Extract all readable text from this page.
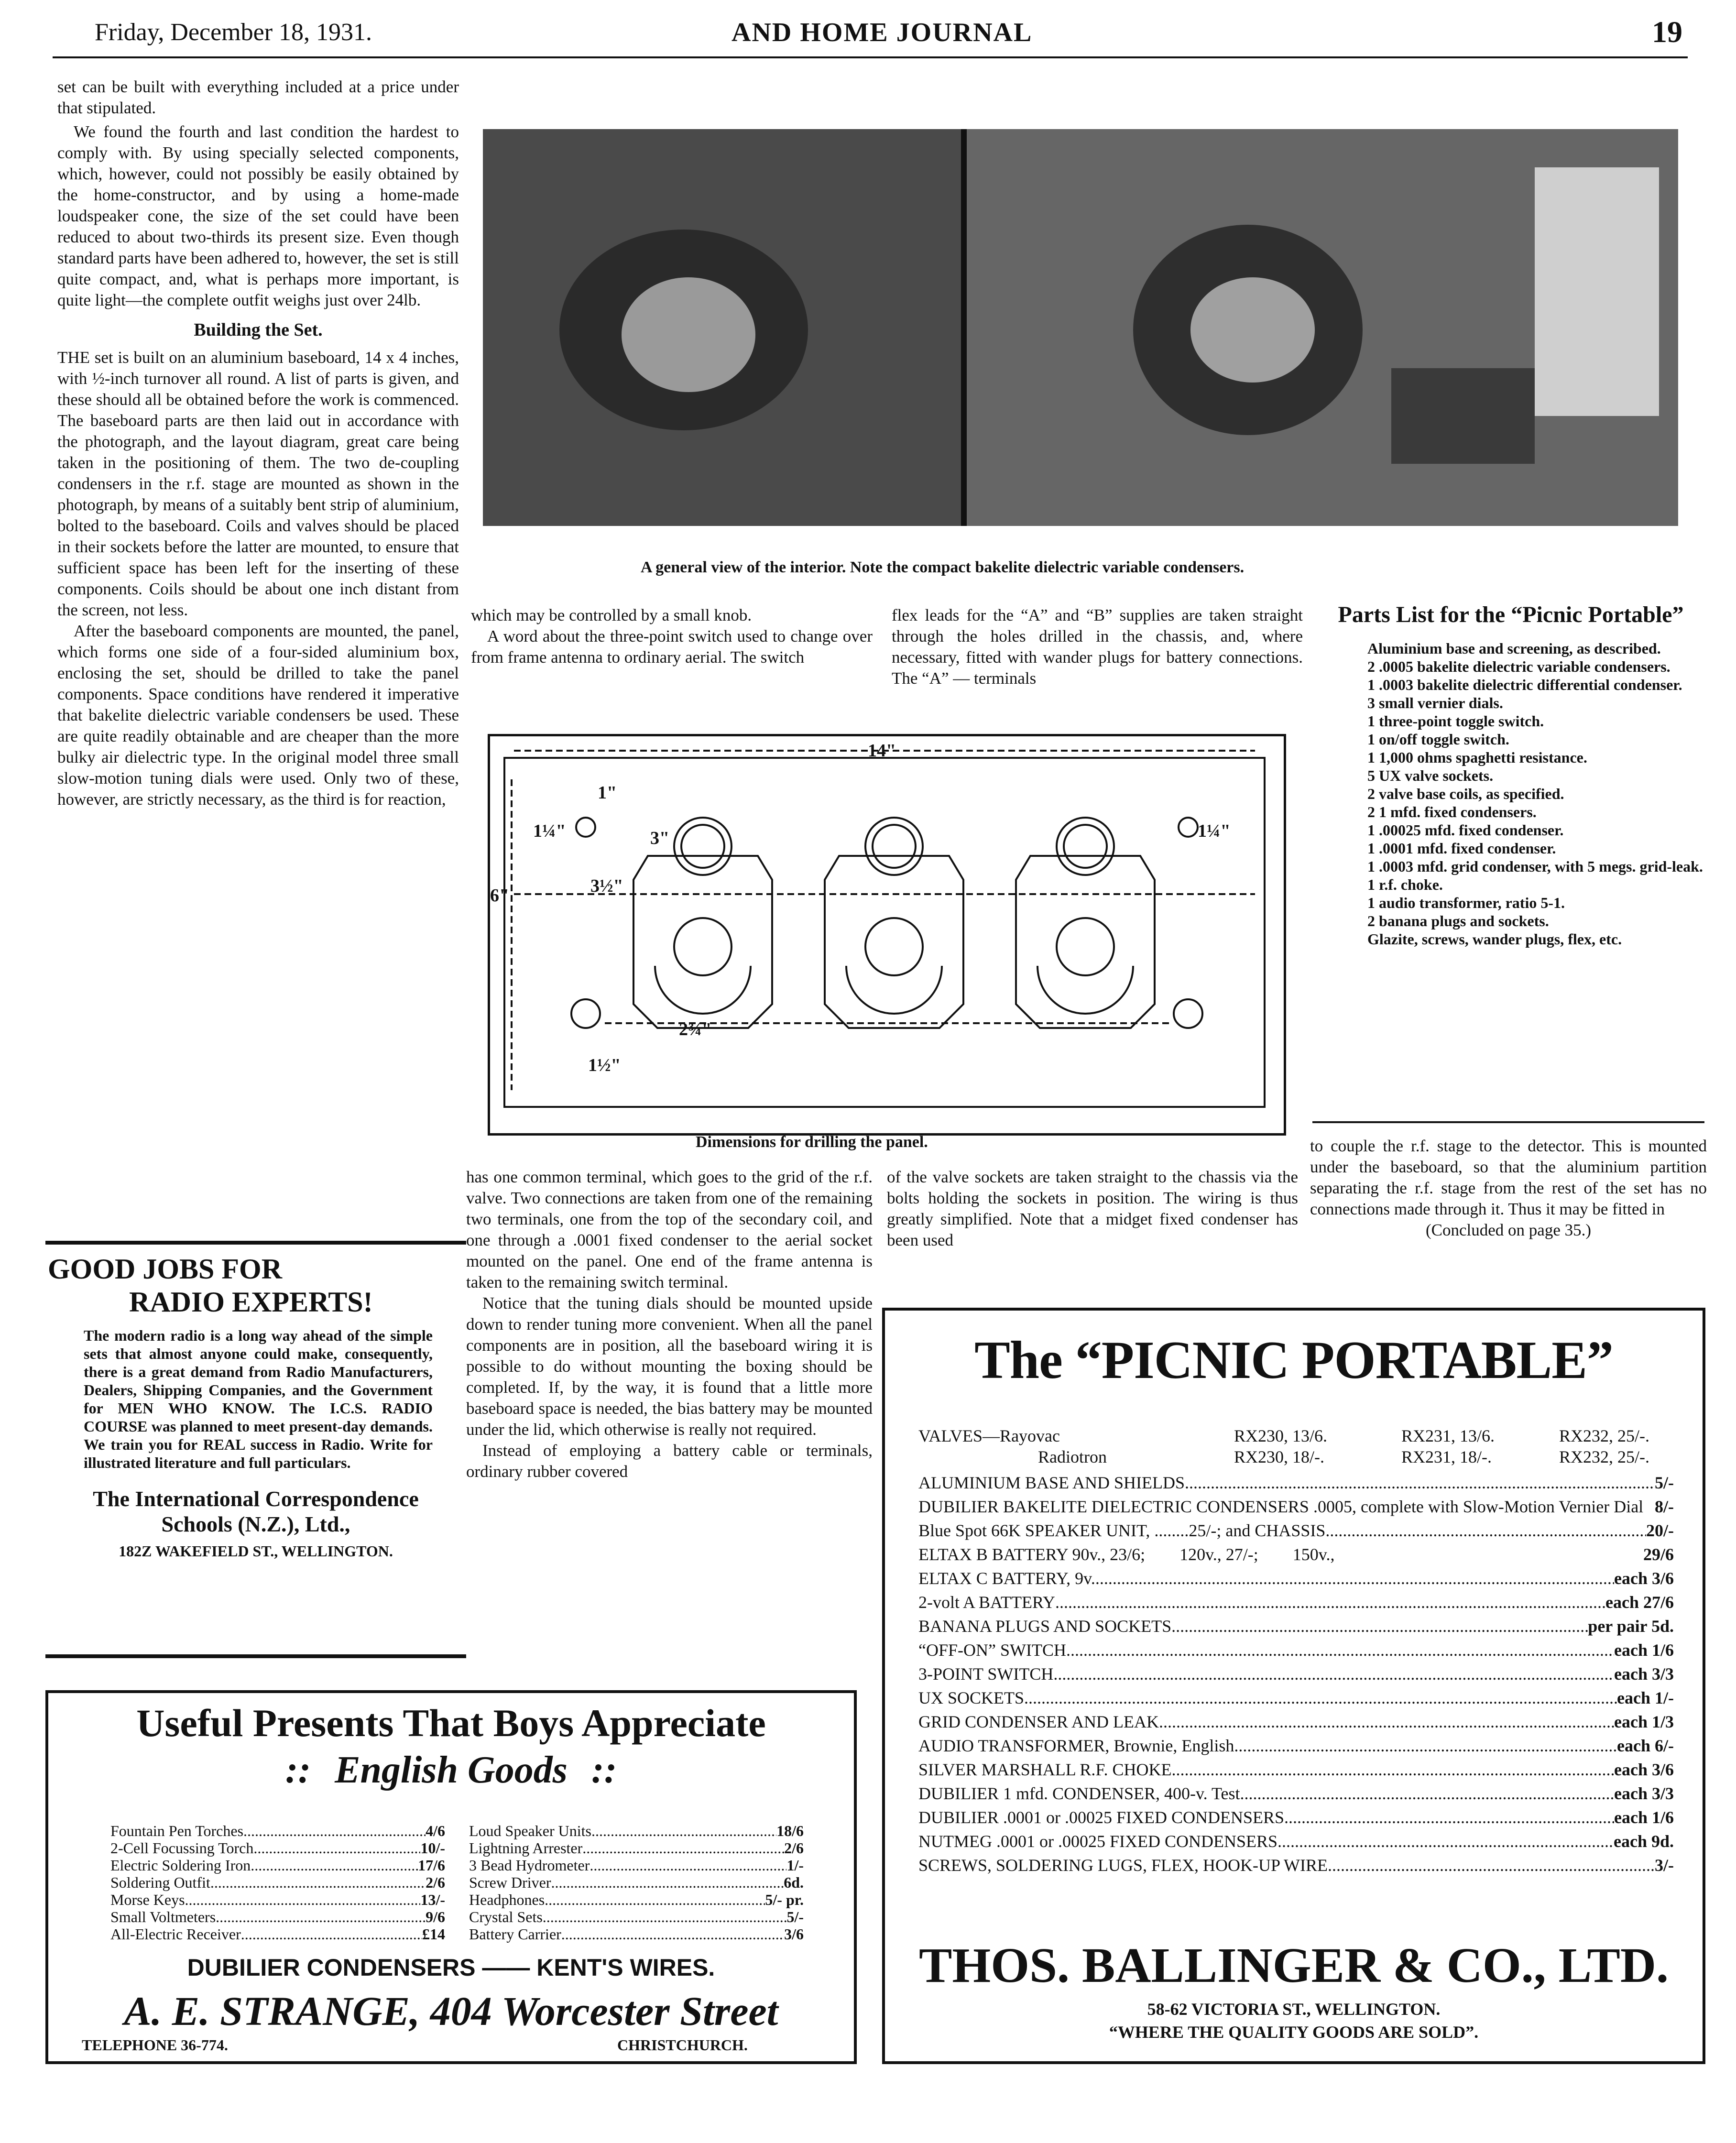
Friday, December 18, 1931.	AND HOME JOURNAL	19

set can be built with everything included at a price under that stipulated.

We found the fourth and last condition the hardest to comply with. By using specially selected components, which, however, could not possibly be easily obtained by the home-constructor, and by using a home-made loudspeaker cone, the size of the set could have been reduced to about two-thirds its present size. Even though standard parts have been adhered to, however, the set is still quite compact, and, what is perhaps more important, is quite light—the complete outfit weighs just over 24lb.

Building the Set.

THE set is built on an aluminium baseboard, 14 x 4 inches, with ½-inch turnover all round. A list of parts is given, and these should all be obtained before the work is commenced. The baseboard parts are then laid out in accordance with the photograph, and the layout diagram, great care being taken in the positioning of them. The two de-coupling condensers in the r.f. stage are mounted as shown in the photograph, by means of a suitably bent strip of aluminium, bolted to the baseboard. Coils and valves should be placed in their sockets before the latter are mounted, to ensure that sufficient space has been left for the inserting of these components. Coils should be about one inch distant from the screen, not less.

After the baseboard components are mounted, the panel, which forms one side of a four-sided aluminium box, enclosing the set, should be drilled to take the panel components. Space conditions have rendered it imperative that bakelite dielectric variable condensers be used. These are quite readily obtainable and are cheaper than the more bulky air dielectric type. In the original model three small slow-motion tuning dials were used. Only two of these, however, are strictly necessary, as the third is for reaction,

A general view of the interior. Note the compact bakelite dielectric variable condensers.

which may be controlled by a small knob.

A word about the three-point switch used to change over from frame antenna to ordinary aerial. The switch

flex leads for the “A” and “B” supplies are taken straight through the holes drilled in the chassis, and, where necessary, fitted with wander plugs for battery connections. The “A” — terminals

14"
6"
3"
3½"
1"
1¼"
2¾"
1½"
1¼"
Dimensions for drilling the panel.
Parts List for the “Picnic Portable”
Aluminium base and screening, as described.
2 .0005 bakelite dielectric variable condensers.
1 .0003 bakelite dielectric differential condenser.
3 small vernier dials.
1 three-point toggle switch.
1 on/off toggle switch.
1 1,000 ohms spaghetti resistance.
5 UX valve sockets.
2 valve base coils, as specified.
2 1 mfd. fixed condensers.
1 .00025 mfd. fixed condenser.
1 .0001 mfd. fixed condenser.
1 .0003 mfd. grid condenser, with 5 megs. grid-leak.
1 r.f. choke.
1 audio transformer, ratio 5-1.
2 banana plugs and sockets.
Glazite, screws, wander plugs, flex, etc.

to couple the r.f. stage to the detector. This is mounted under the baseboard, so that the aluminium partition separating the r.f. stage from the rest of the set has no connections made through it. Thus it may be fitted in

(Concluded on page 35.)

has one common terminal, which goes to the grid of the r.f. valve. Two connections are taken from one of the remaining two terminals, one from the top of the secondary coil, and one through a .0001 fixed condenser to the aerial socket mounted on the panel. One end of the frame antenna is taken to the remaining switch terminal.

Notice that the tuning dials should be mounted upside down to render tuning more convenient. When all the panel components are in position, all the baseboard wiring it is possible to do without mounting the boxing should be completed. If, by the way, it is found that a little more baseboard space is needed, the bias battery may be mounted under the lid, which otherwise is really not required.

Instead of employing a battery cable or terminals, ordinary rubber covered

of the valve sockets are taken straight to the chassis via the bolts holding the sockets in position. The wiring is thus greatly simplified. Note that a midget fixed condenser has been used

GOOD JOBS FOR
RADIO EXPERTS!
The modern radio is a long way ahead of the simple sets that almost anyone could make, consequently, there is a great demand from Radio Manufacturers, Dealers, Shipping Companies, and the Government for MEN WHO KNOW. The I.C.S. RADIO COURSE was planned to meet present-day demands. We train you for REAL success in Radio. Write for illustrated literature and full particulars.
The International Correspondence
Schools (N.Z.), Ltd.,
182Z WAKEFIELD ST., WELLINGTON.
Useful Presents That Boys Appreciate
:: English Goods ::
Fountain Pen Torches .....	4/6
2-Cell Focussing Torch .....	10/-
Electric Soldering Iron .....	17/6
Soldering Outfit .....	2/6
Morse Keys .....	13/-
Small Voltmeters .....	9/6
All-Electric Receiver .....	£14
Loud Speaker Units .....	18/6
Lightning Arrester .....	2/6
3 Bead Hydrometer .....	1/-
Screw Driver .....	6d.
Headphones .....	5/- pr.
Crystal Sets .....	5/-
Battery Carrier .....	3/6
DUBILIER CONDENSERS —— KENT'S WIRES.
A. E. STRANGE, 404 Worcester Street
TELEPHONE 36-774.	CHRISTCHURCH.
The “PICNIC PORTABLE”
VALVES—Rayovac	RX230, 13/6.	RX231, 13/6.	RX232, 25/-.
Radiotron	RX230, 18/-.	RX231, 18/-.	RX232, 25/-.
ALUMINIUM BASE AND SHIELDS .....	5/-
DUBILIER BAKELITE DIELECTRIC CONDENSERS .0005, complete with Slow-Motion Vernier Dial 8/-
Blue Spot 66K SPEAKER UNIT, ........25/-; and CHASSIS .....	20/-
ELTAX B BATTERY 90v., 23/6;        120v., 27/-;        150v.,	29/6
ELTAX C BATTERY, 9v. .....	each 3/6
2-volt A BATTERY .....	each 27/6
BANANA PLUGS AND SOCKETS .....	per pair 5d.
“OFF-ON” SWITCH .....	each 1/6
3-POINT SWITCH .....	each 3/3
UX SOCKETS .....	each 1/-
GRID CONDENSER AND LEAK .....	each 1/3
AUDIO TRANSFORMER, Brownie, English .....	each 6/-
SILVER MARSHALL R.F. CHOKE .....	each 3/6
DUBILIER 1 mfd. CONDENSER, 400-v. Test .....	each 3/3
DUBILIER .0001 or .00025 FIXED CONDENSERS .....	each 1/6
NUTMEG .0001 or .00025 FIXED CONDENSERS .....	each 9d.
SCREWS, SOLDERING LUGS, FLEX, HOOK-UP WIRE .....	3/-
THOS. BALLINGER & CO., LTD.
58-62 VICTORIA ST., WELLINGTON.
“WHERE THE QUALITY GOODS ARE SOLD”.
